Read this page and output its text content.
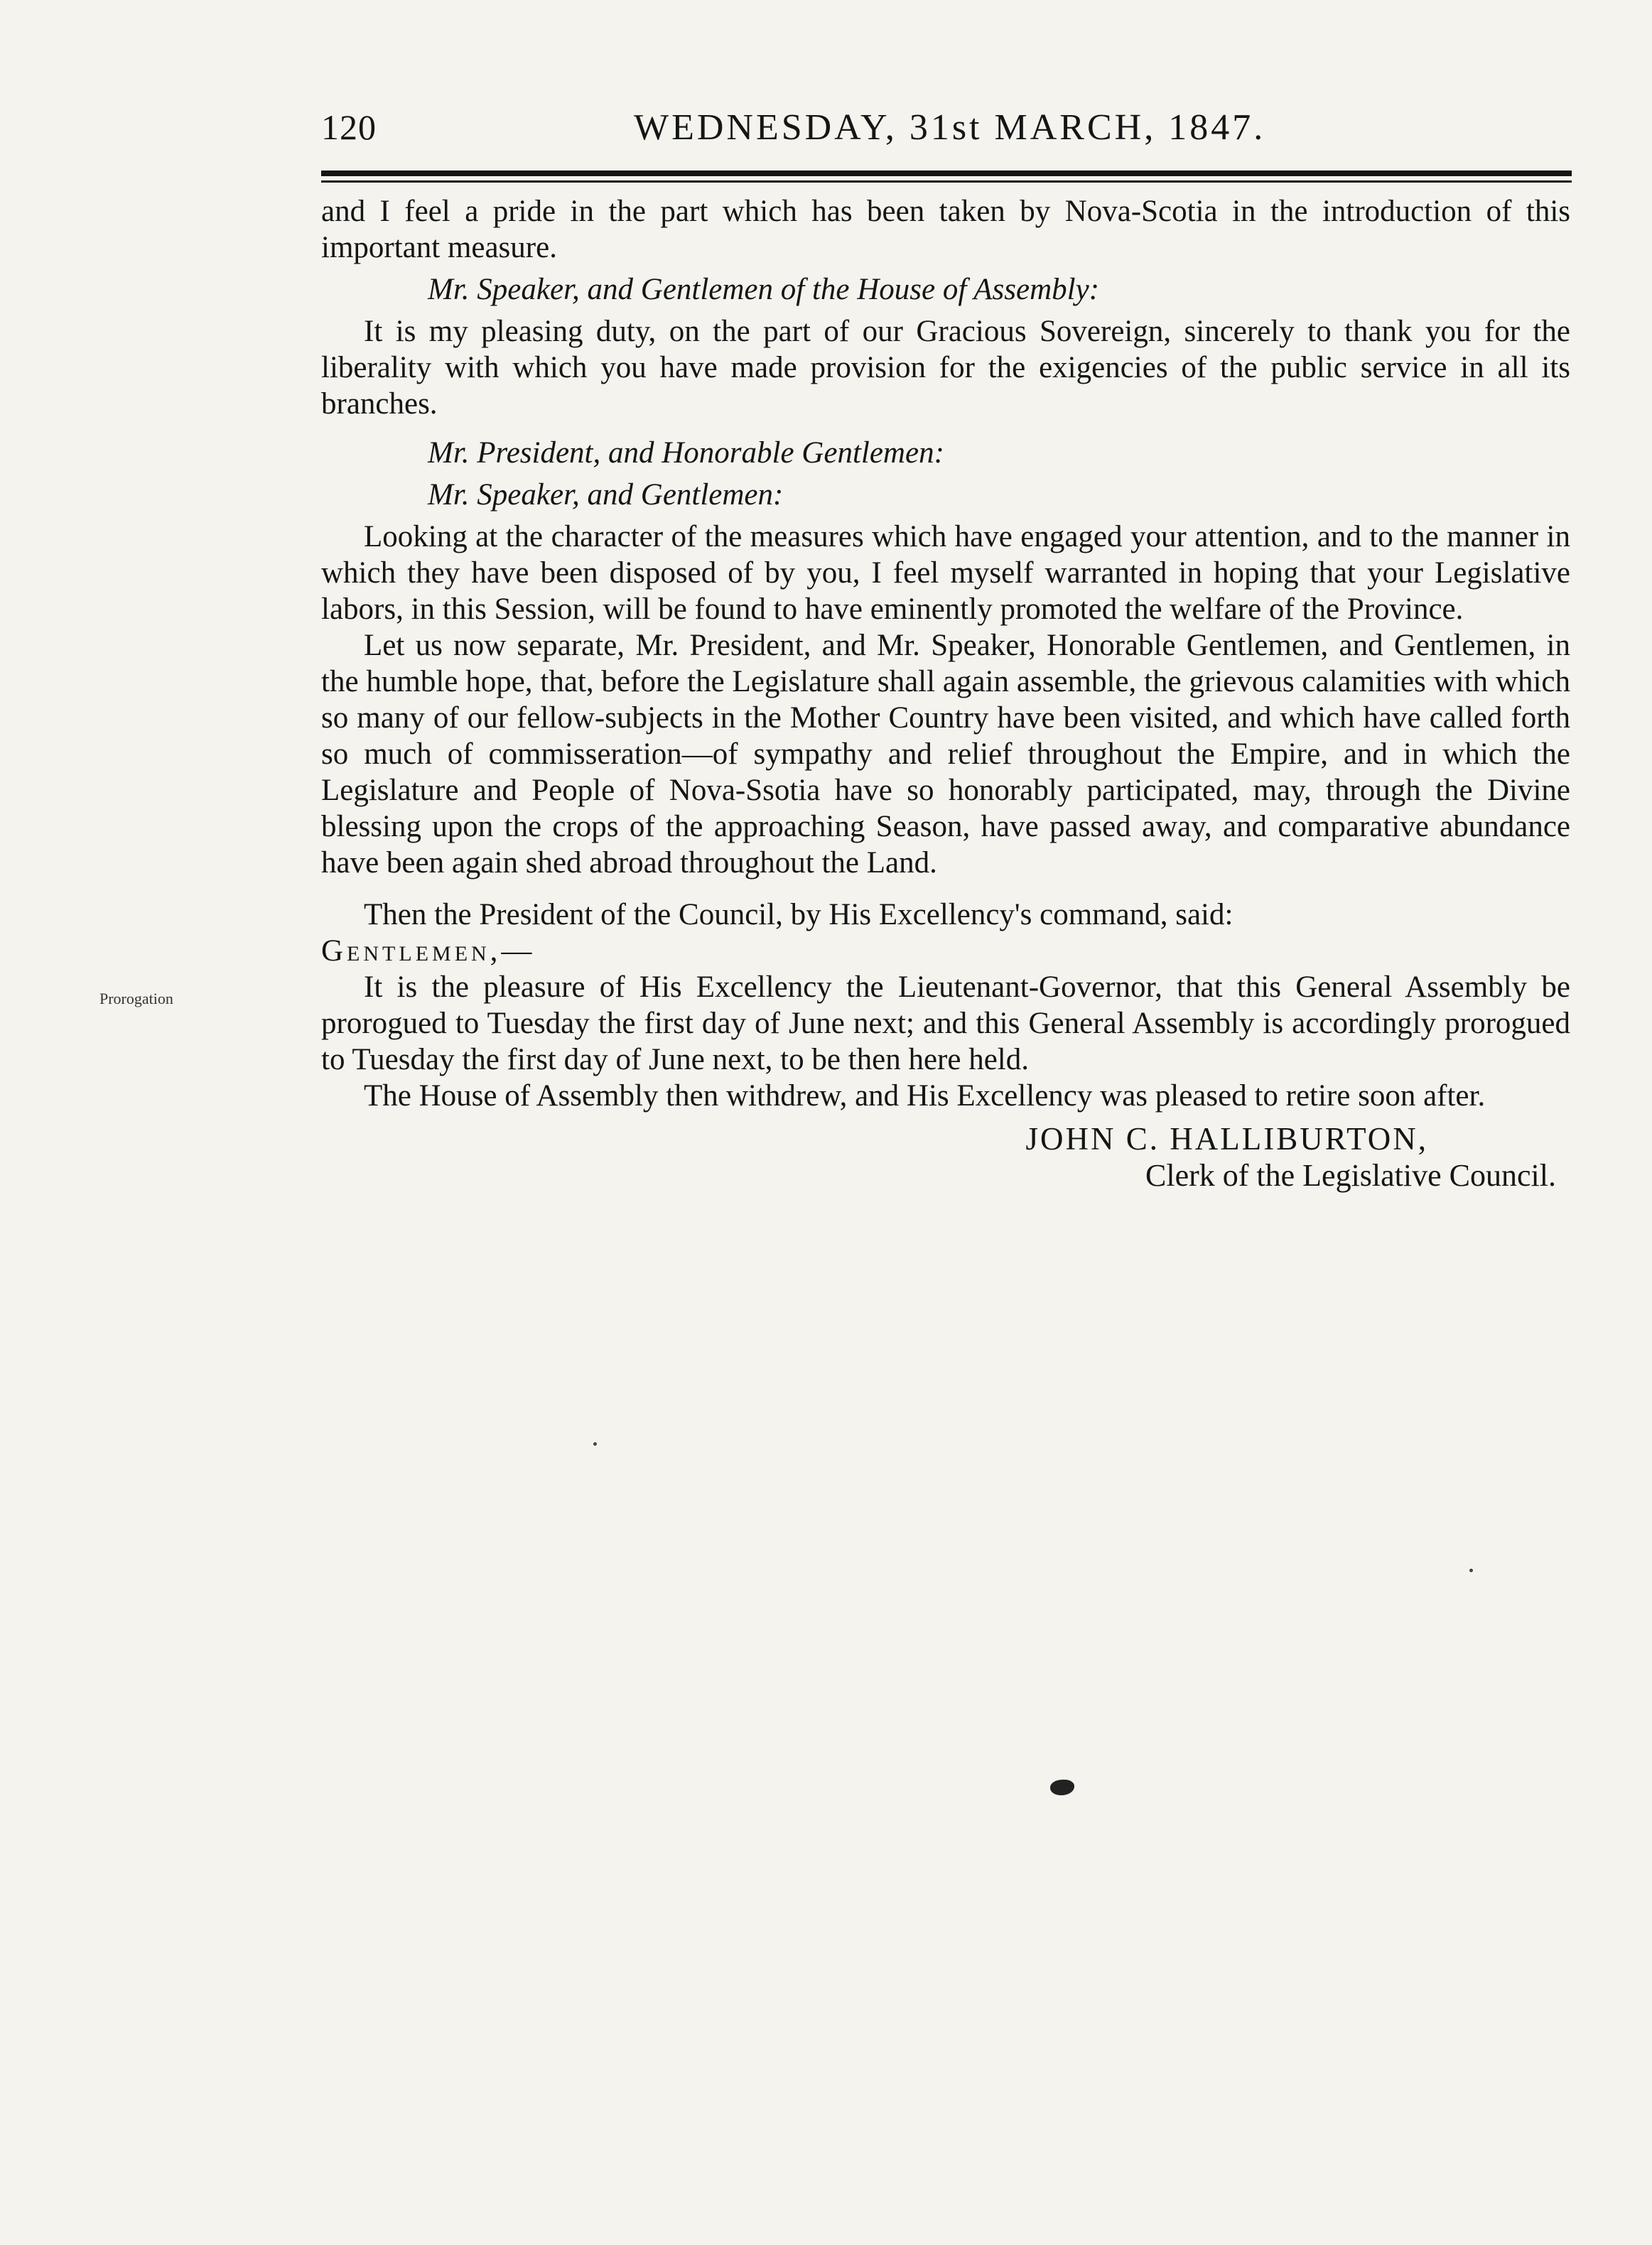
120	WEDNESDAY, 31st MARCH, 1847.
Prorogation

and I feel a pride in the part which has been taken by Nova-Scotia in the introduction of this important measure.

Mr. Speaker, and Gentlemen of the House of Assembly:

It is my pleasing duty, on the part of our Gracious Sovereign, sincerely to thank you for the liberality with which you have made provision for the exigencies of the public service in all its branches.

Mr. President, and Honorable Gentlemen:

Mr. Speaker, and Gentlemen:

Looking at the character of the measures which have engaged your attention, and to the manner in which they have been disposed of by you, I feel myself warranted in hoping that your Legislative labors, in this Session, will be found to have eminently promoted the welfare of the Province.

Let us now separate, Mr. President, and Mr. Speaker, Honorable Gentlemen, and Gentlemen, in the humble hope, that, before the Legislature shall again assemble, the grievous calamities with which so many of our fellow-subjects in the Mother Country have been visited, and which have called forth so much of commisseration—of sympathy and relief throughout the Empire, and in which the Legislature and People of Nova-Ssotia have so honorably participated, may, through the Divine blessing upon the crops of the approaching Season, have passed away, and comparative abundance have been again shed abroad throughout the Land.

Then the President of the Council, by His Excellency's command, said:

Gentlemen,—

It is the pleasure of His Excellency the Lieutenant-Governor, that this General Assembly be prorogued to Tuesday the first day of June next; and this General Assembly is accordingly prorogued to Tuesday the first day of June next, to be then here held.

The House of Assembly then withdrew, and His Excellency was pleased to retire soon after.

JOHN C. HALLIBURTON,

Clerk of the Legislative Council.
